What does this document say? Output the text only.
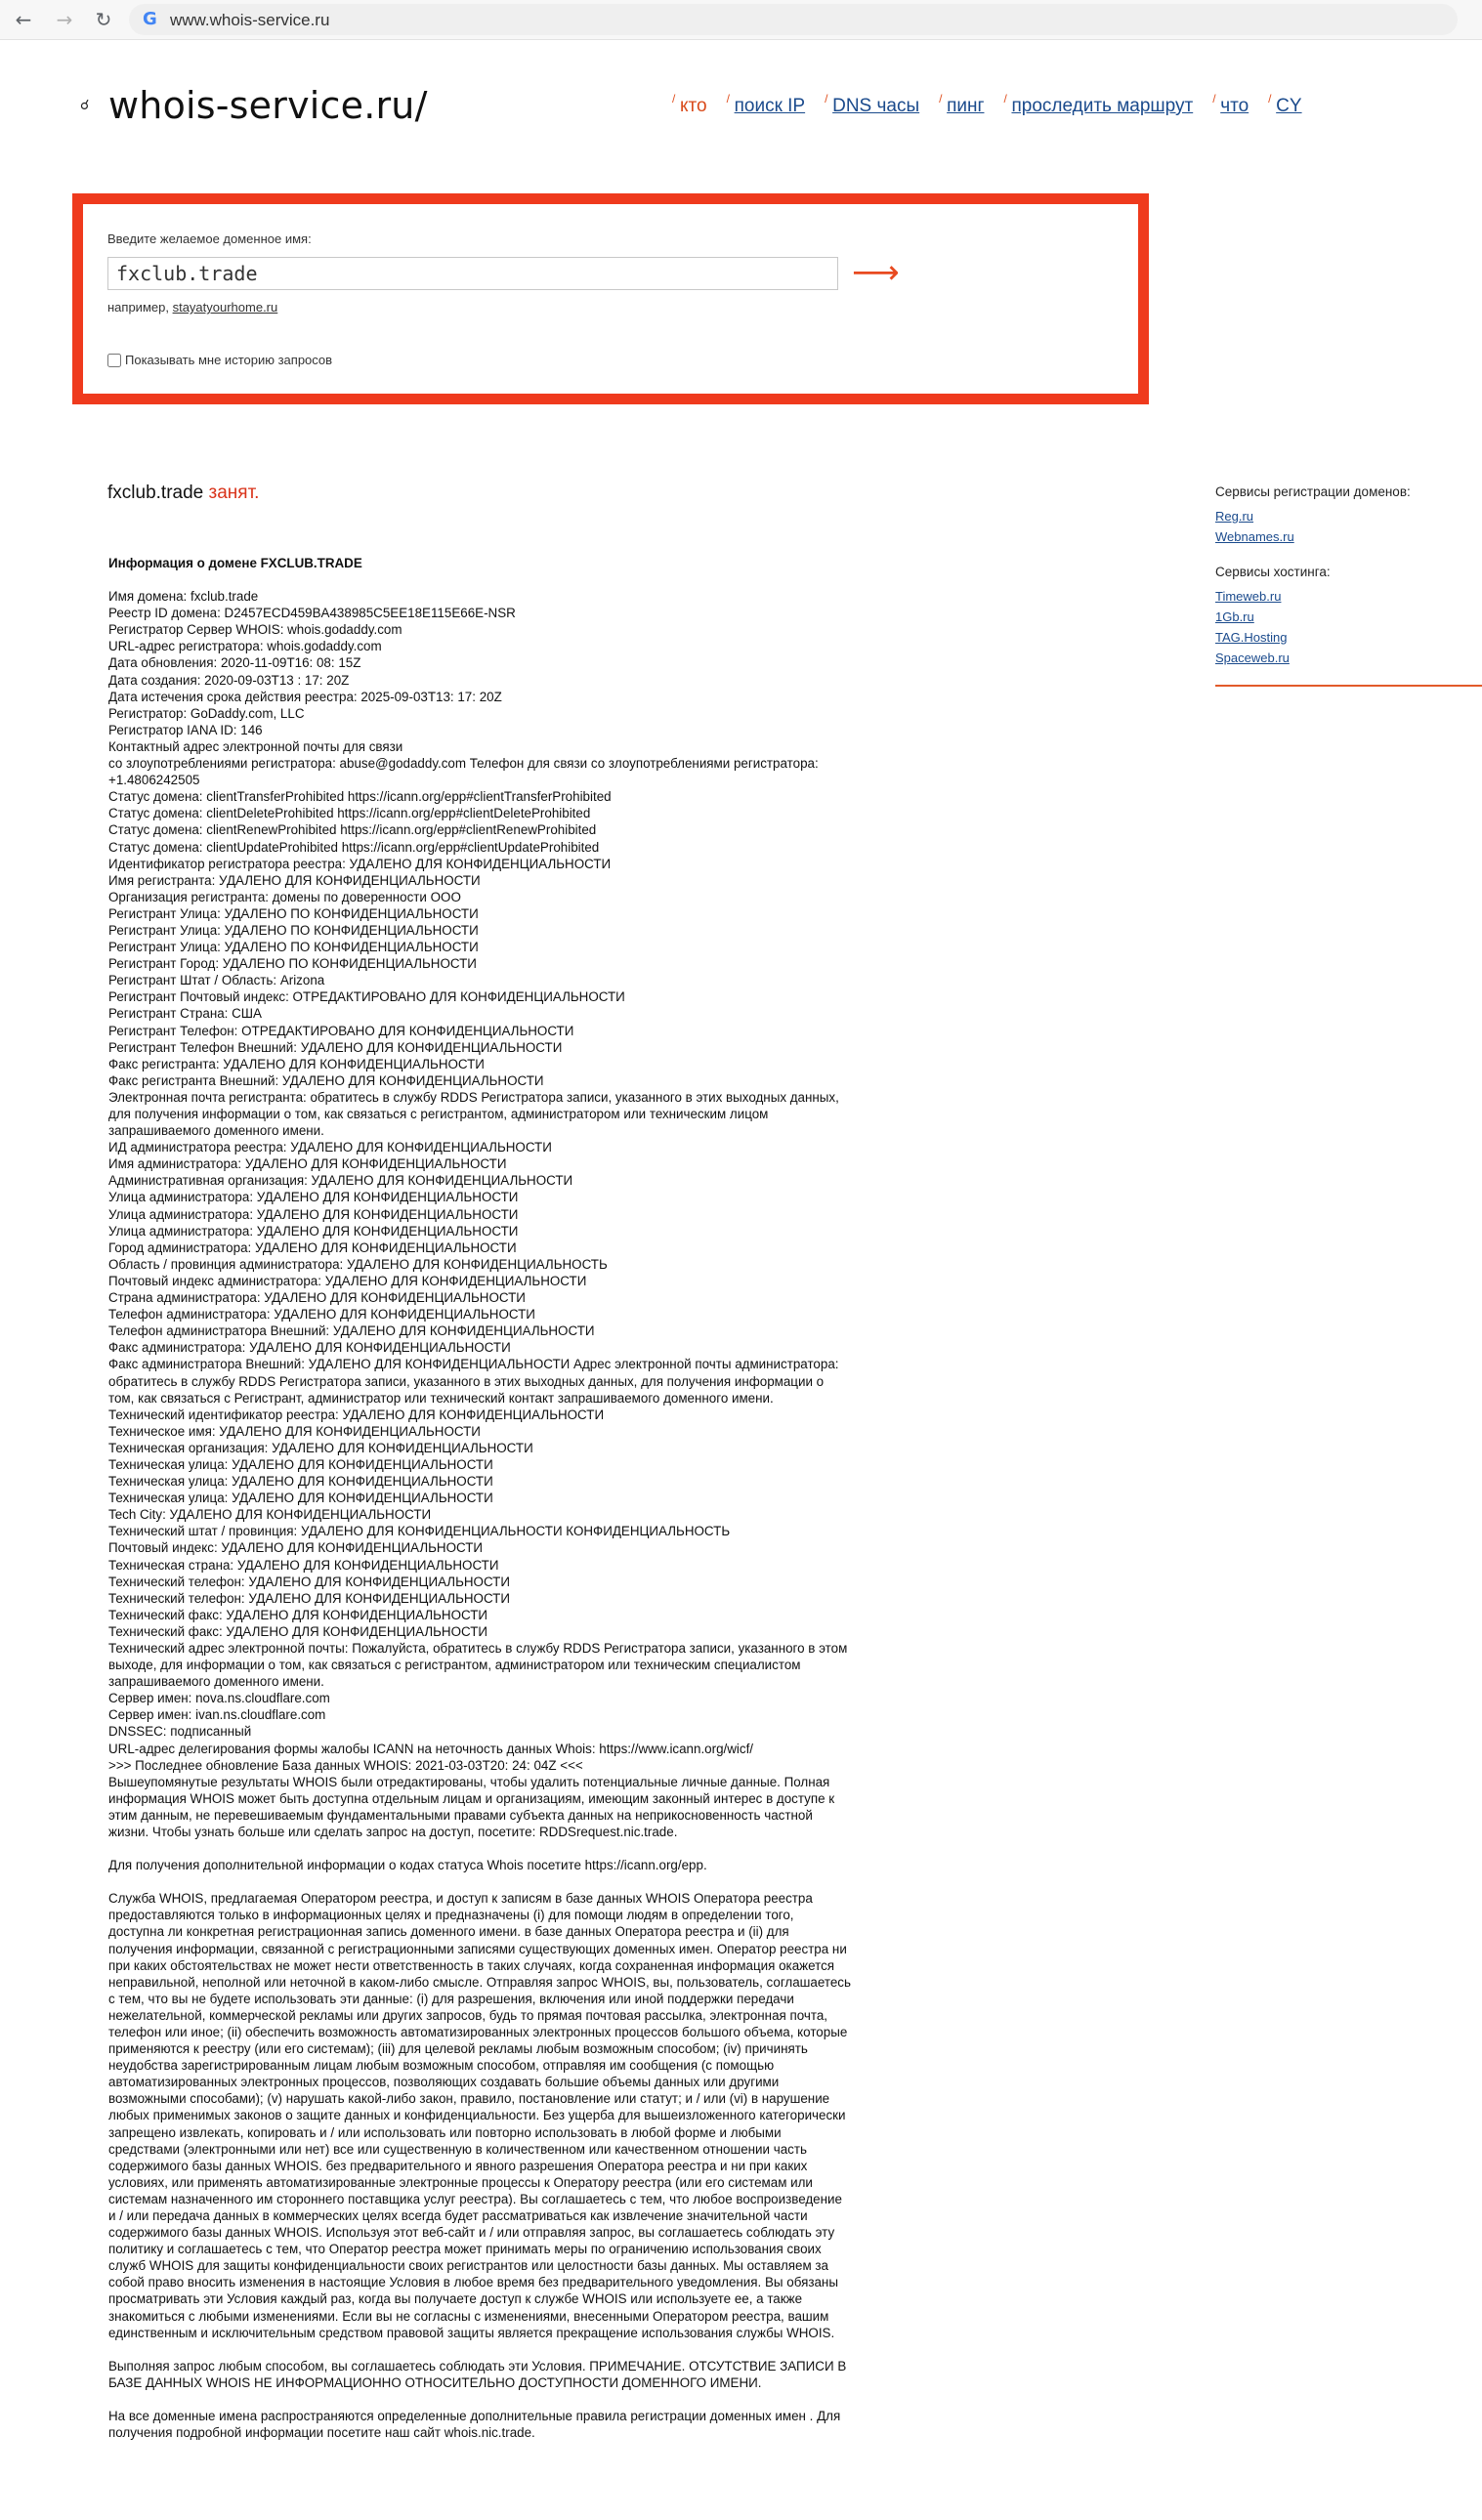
← → ↻ G www.whois-service.ru
☌ whois-service.ru/	/ кто / поиск IP / DNS часы / пинг / проследить маршрут / что / CY
Введите желаемое доменное имя:
fxclub.trade
⟶
например, stayatyourhome.ru
Показывать мне историю запросов
fxclub.trade занят.
Информация о домене FXCLUB.TRADE
Имя домена: fxclub.trade
Реестр ID домена: D2457ECD459BA438985C5EE18E115E66E-NSR
Регистратор Сервер WHOIS: whois.godaddy.com
URL-адрес регистратора: whois.godaddy.com
Дата обновления: 2020-11-09T16: 08: 15Z
Дата создания: 2020-09-03T13 : 17: 20Z
Дата истечения срока действия реестра: 2025-09-03T13: 17: 20Z
Регистратор: GoDaddy.com, LLC
Регистратор IANA ID: 146
Контактный адрес электронной почты для связи
со злоупотреблениями регистратора: abuse@godaddy.com Телефон для связи со злоупотреблениями регистратора: +1.4806242505
Статус домена: clientTransferProhibited https://icann.org/epp#clientTransferProhibited
Статус домена: clientDeleteProhibited https://icann.org/epp#clientDeleteProhibited
Статус домена: clientRenewProhibited https://icann.org/epp#clientRenewProhibited
Статус домена: clientUpdateProhibited https://icann.org/epp#clientUpdateProhibited
Идентификатор регистратора реестра: УДАЛЕНО ДЛЯ КОНФИДЕНЦИАЛЬНОСТИ
Имя регистранта: УДАЛЕНО ДЛЯ КОНФИДЕНЦИАЛЬНОСТИ
Организация регистранта: домены по доверенности ООО
Регистрант Улица: УДАЛЕНО ПО КОНФИДЕНЦИАЛЬНОСТИ
Регистрант Улица: УДАЛЕНО ПО КОНФИДЕНЦИАЛЬНОСТИ
Регистрант Улица: УДАЛЕНО ПО КОНФИДЕНЦИАЛЬНОСТИ
Регистрант Город: УДАЛЕНО ПО КОНФИДЕНЦИАЛЬНОСТИ
Регистрант Штат / Область: Arizona
Регистрант Почтовый индекс: ОТРЕДАКТИРОВАНО ДЛЯ КОНФИДЕНЦИАЛЬНОСТИ
Регистрант Страна: США
Регистрант Телефон: ОТРЕДАКТИРОВАНО ДЛЯ КОНФИДЕНЦИАЛЬНОСТИ
Регистрант Телефон Внешний: УДАЛЕНО ДЛЯ КОНФИДЕНЦИАЛЬНОСТИ
Факс регистранта: УДАЛЕНО ДЛЯ КОНФИДЕНЦИАЛЬНОСТИ
Факс регистранта Внешний: УДАЛЕНО ДЛЯ КОНФИДЕНЦИАЛЬНОСТИ
Электронная почта регистранта: обратитесь в службу RDDS Регистратора записи, указанного в этих выходных данных, для получения информации о том, как связаться с регистрантом, администратором или техническим лицом запрашиваемого доменного имени.
ИД администратора реестра: УДАЛЕНО ДЛЯ КОНФИДЕНЦИАЛЬНОСТИ
Имя администратора: УДАЛЕНО ДЛЯ КОНФИДЕНЦИАЛЬНОСТИ
Административная организация: УДАЛЕНО ДЛЯ КОНФИДЕНЦИАЛЬНОСТИ
Улица администратора: УДАЛЕНО ДЛЯ КОНФИДЕНЦИАЛЬНОСТИ
Улица администратора: УДАЛЕНО ДЛЯ КОНФИДЕНЦИАЛЬНОСТИ
Улица администратора: УДАЛЕНО ДЛЯ КОНФИДЕНЦИАЛЬНОСТИ
Город администратора: УДАЛЕНО ДЛЯ КОНФИДЕНЦИАЛЬНОСТИ
Область / провинция администратора: УДАЛЕНО ДЛЯ КОНФИДЕНЦИАЛЬНОСТЬ
Почтовый индекс администратора: УДАЛЕНО ДЛЯ КОНФИДЕНЦИАЛЬНОСТИ
Страна администратора: УДАЛЕНО ДЛЯ КОНФИДЕНЦИАЛЬНОСТИ
Телефон администратора: УДАЛЕНО ДЛЯ КОНФИДЕНЦИАЛЬНОСТИ
Телефон администратора Внешний: УДАЛЕНО ДЛЯ КОНФИДЕНЦИАЛЬНОСТИ
Факс администратора: УДАЛЕНО ДЛЯ КОНФИДЕНЦИАЛЬНОСТИ
Факс администратора Внешний: УДАЛЕНО ДЛЯ КОНФИДЕНЦИАЛЬНОСТИ Адрес электронной почты администратора: обратитесь в службу RDDS Регистратора записи, указанного в этих выходных данных, для получения информации о том, как связаться с Регистрант, администратор или технический контакт запрашиваемого доменного имени.
Технический идентификатор реестра: УДАЛЕНО ДЛЯ КОНФИДЕНЦИАЛЬНОСТИ
Техническое имя: УДАЛЕНО ДЛЯ КОНФИДЕНЦИАЛЬНОСТИ
Техническая организация: УДАЛЕНО ДЛЯ КОНФИДЕНЦИАЛЬНОСТИ
Техническая улица: УДАЛЕНО ДЛЯ КОНФИДЕНЦИАЛЬНОСТИ
Техническая улица: УДАЛЕНО ДЛЯ КОНФИДЕНЦИАЛЬНОСТИ
Техническая улица: УДАЛЕНО ДЛЯ КОНФИДЕНЦИАЛЬНОСТИ
Tech City: УДАЛЕНО ДЛЯ КОНФИДЕНЦИАЛЬНОСТИ
Технический штат / провинция: УДАЛЕНО ДЛЯ КОНФИДЕНЦИАЛЬНОСТИ КОНФИДЕНЦИАЛЬНОСТЬ
Почтовый индекс: УДАЛЕНО ДЛЯ КОНФИДЕНЦИАЛЬНОСТИ
Техническая страна: УДАЛЕНО ДЛЯ КОНФИДЕНЦИАЛЬНОСТИ
Технический телефон: УДАЛЕНО ДЛЯ КОНФИДЕНЦИАЛЬНОСТИ
Технический телефон: УДАЛЕНО ДЛЯ КОНФИДЕНЦИАЛЬНОСТИ
Технический факс: УДАЛЕНО ДЛЯ КОНФИДЕНЦИАЛЬНОСТИ
Технический факс: УДАЛЕНО ДЛЯ КОНФИДЕНЦИАЛЬНОСТИ
Технический адрес электронной почты: Пожалуйста, обратитесь в службу RDDS Регистратора записи, указанного в этом выходе, для информации о том, как связаться с регистрантом, администратором или техническим специалистом запрашиваемого доменного имени.
Сервер имен: nova.ns.cloudflare.com
Сервер имен: ivan.ns.cloudflare.com
DNSSEC: подписанный
URL-адрес делегирования формы жалобы ICANN на неточность данных Whois: https://www.icann.org/wicf/
>>> Последнее обновление База данных WHOIS: 2021-03-03T20: 24: 04Z <<<
Вышеупомянутые результаты WHOIS были отредактированы, чтобы удалить потенциальные личные данные. Полная информация WHOIS может быть доступна отдельным лицам и организациям, имеющим законный интерес в доступе к этим данным, не перевешиваемым фундаментальными правами субъекта данных на неприкосновенность частной жизни. Чтобы узнать больше или сделать запрос на доступ, посетите: RDDSrequest.nic.trade.
Для получения дополнительной информации о кодах статуса Whois посетите https://icann.org/epp.
Служба WHOIS, предлагаемая Оператором реестра, и доступ к записям в базе данных WHOIS Оператора реестра предоставляются только в информационных целях и предназначены (i) для помощи людям в определении того, доступна ли конкретная регистрационная запись доменного имени. в базе данных Оператора реестра и (ii) для получения информации, связанной с регистрационными записями существующих доменных имен. Оператор реестра ни при каких обстоятельствах не может нести ответственность в таких случаях, когда сохраненная информация окажется неправильной, неполной или неточной в каком-либо смысле. Отправляя запрос WHOIS, вы, пользователь, соглашаетесь с тем, что вы не будете использовать эти данные: (i) для разрешения, включения или иной поддержки передачи нежелательной, коммерческой рекламы или других запросов, будь то прямая почтовая рассылка, электронная почта, телефон или иное; (ii) обеспечить возможность автоматизированных электронных процессов большого объема, которые применяются к реестру (или его системам); (iii) для целевой рекламы любым возможным способом; (iv) причинять неудобства зарегистрированным лицам любым возможным способом, отправляя им сообщения (с помощью автоматизированных электронных процессов, позволяющих создавать большие объемы данных или другими возможными способами); (v) нарушать какой-либо закон, правило, постановление или статут; и / или (vi) в нарушение любых применимых законов о защите данных и конфиденциальности. Без ущерба для вышеизложенного категорически запрещено извлекать, копировать и / или использовать или повторно использовать в любой форме и любыми средствами (электронными или нет) все или существенную в количественном или качественном отношении часть содержимого базы данных WHOIS. без предварительного и явного разрешения Оператора реестра и ни при каких условиях, или применять автоматизированные электронные процессы к Оператору реестра (или его системам или системам назначенного им стороннего поставщика услуг реестра). Вы соглашаетесь с тем, что любое воспроизведение и / или передача данных в коммерческих целях всегда будет рассматриваться как извлечение значительной части содержимого базы данных WHOIS. Используя этот веб-сайт и / или отправляя запрос, вы соглашаетесь соблюдать эту политику и соглашаетесь с тем, что Оператор реестра может принимать меры по ограничению использования своих служб WHOIS для защиты конфиденциальности своих регистрантов или целостности базы данных. Мы оставляем за собой право вносить изменения в настоящие Условия в любое время без предварительного уведомления. Вы обязаны просматривать эти Условия каждый раз, когда вы получаете доступ к службе WHOIS или используете ее, а также знакомиться с любыми изменениями. Если вы не согласны с изменениями, внесенными Оператором реестра, вашим единственным и исключительным средством правовой защиты является прекращение использования службы WHOIS.
Выполняя запрос любым способом, вы соглашаетесь соблюдать эти Условия. ПРИМЕЧАНИЕ. ОТСУТСТВИЕ ЗАПИСИ В БАЗЕ ДАННЫХ WHOIS НЕ ИНФОРМАЦИОННО ОТНОСИТЕЛЬНО ДОСТУПНОСТИ ДОМЕННОГО ИМЕНИ.
На все доменные имена распространяются определенные дополнительные правила регистрации доменных имен . Для получения подробной информации посетите наш сайт whois.nic.trade.
Сервисы регистрации доменов:
Reg.ru
Webnames.ru
Сервисы хостинга:
Timeweb.ru
1Gb.ru
TAG.Hosting
Spaceweb.ru
